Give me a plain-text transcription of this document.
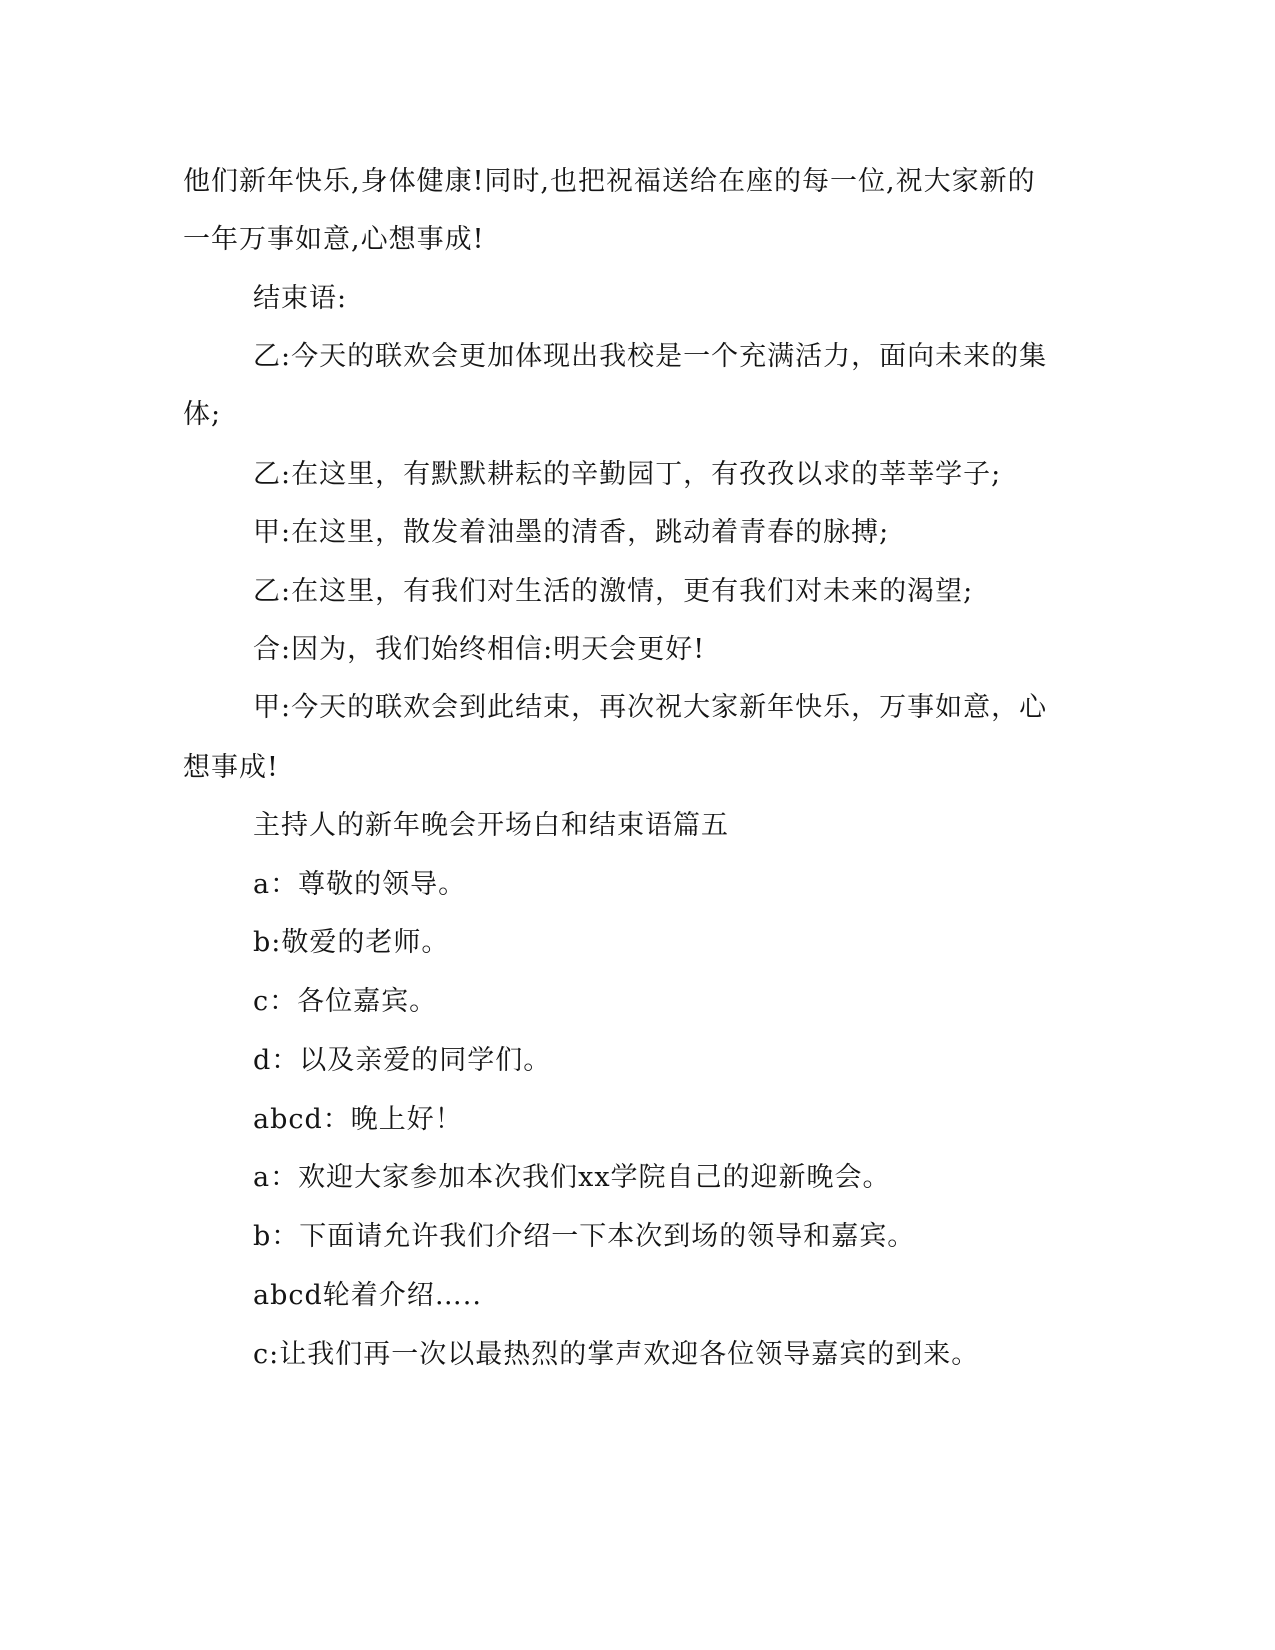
他们新年快乐,身体健康!同时,也把祝福送给在座的每一位,祝大家新的
一年万事如意,心想事成!
结束语:
乙:今天的联欢会更加体现出我校是一个充满活力，面向未来的集
体;
乙:在这里，有默默耕耘的辛勤园丁，有孜孜以求的莘莘学子;
甲:在这里，散发着油墨的清香，跳动着青春的脉搏;
乙:在这里，有我们对生活的激情，更有我们对未来的渴望;
合:因为，我们始终相信:明天会更好!
甲:今天的联欢会到此结束，再次祝大家新年快乐，万事如意，心
想事成!
主持人的新年晚会开场白和结束语篇五
a：尊敬的领导。
b:敬爱的老师。
c：各位嘉宾。
d：以及亲爱的同学们。
abcd：晚上好！
a：欢迎大家参加本次我们xx学院自己的迎新晚会。
b：下面请允许我们介绍一下本次到场的领导和嘉宾。
abcd轮着介绍…..
c:让我们再一次以最热烈的掌声欢迎各位领导嘉宾的到来。
